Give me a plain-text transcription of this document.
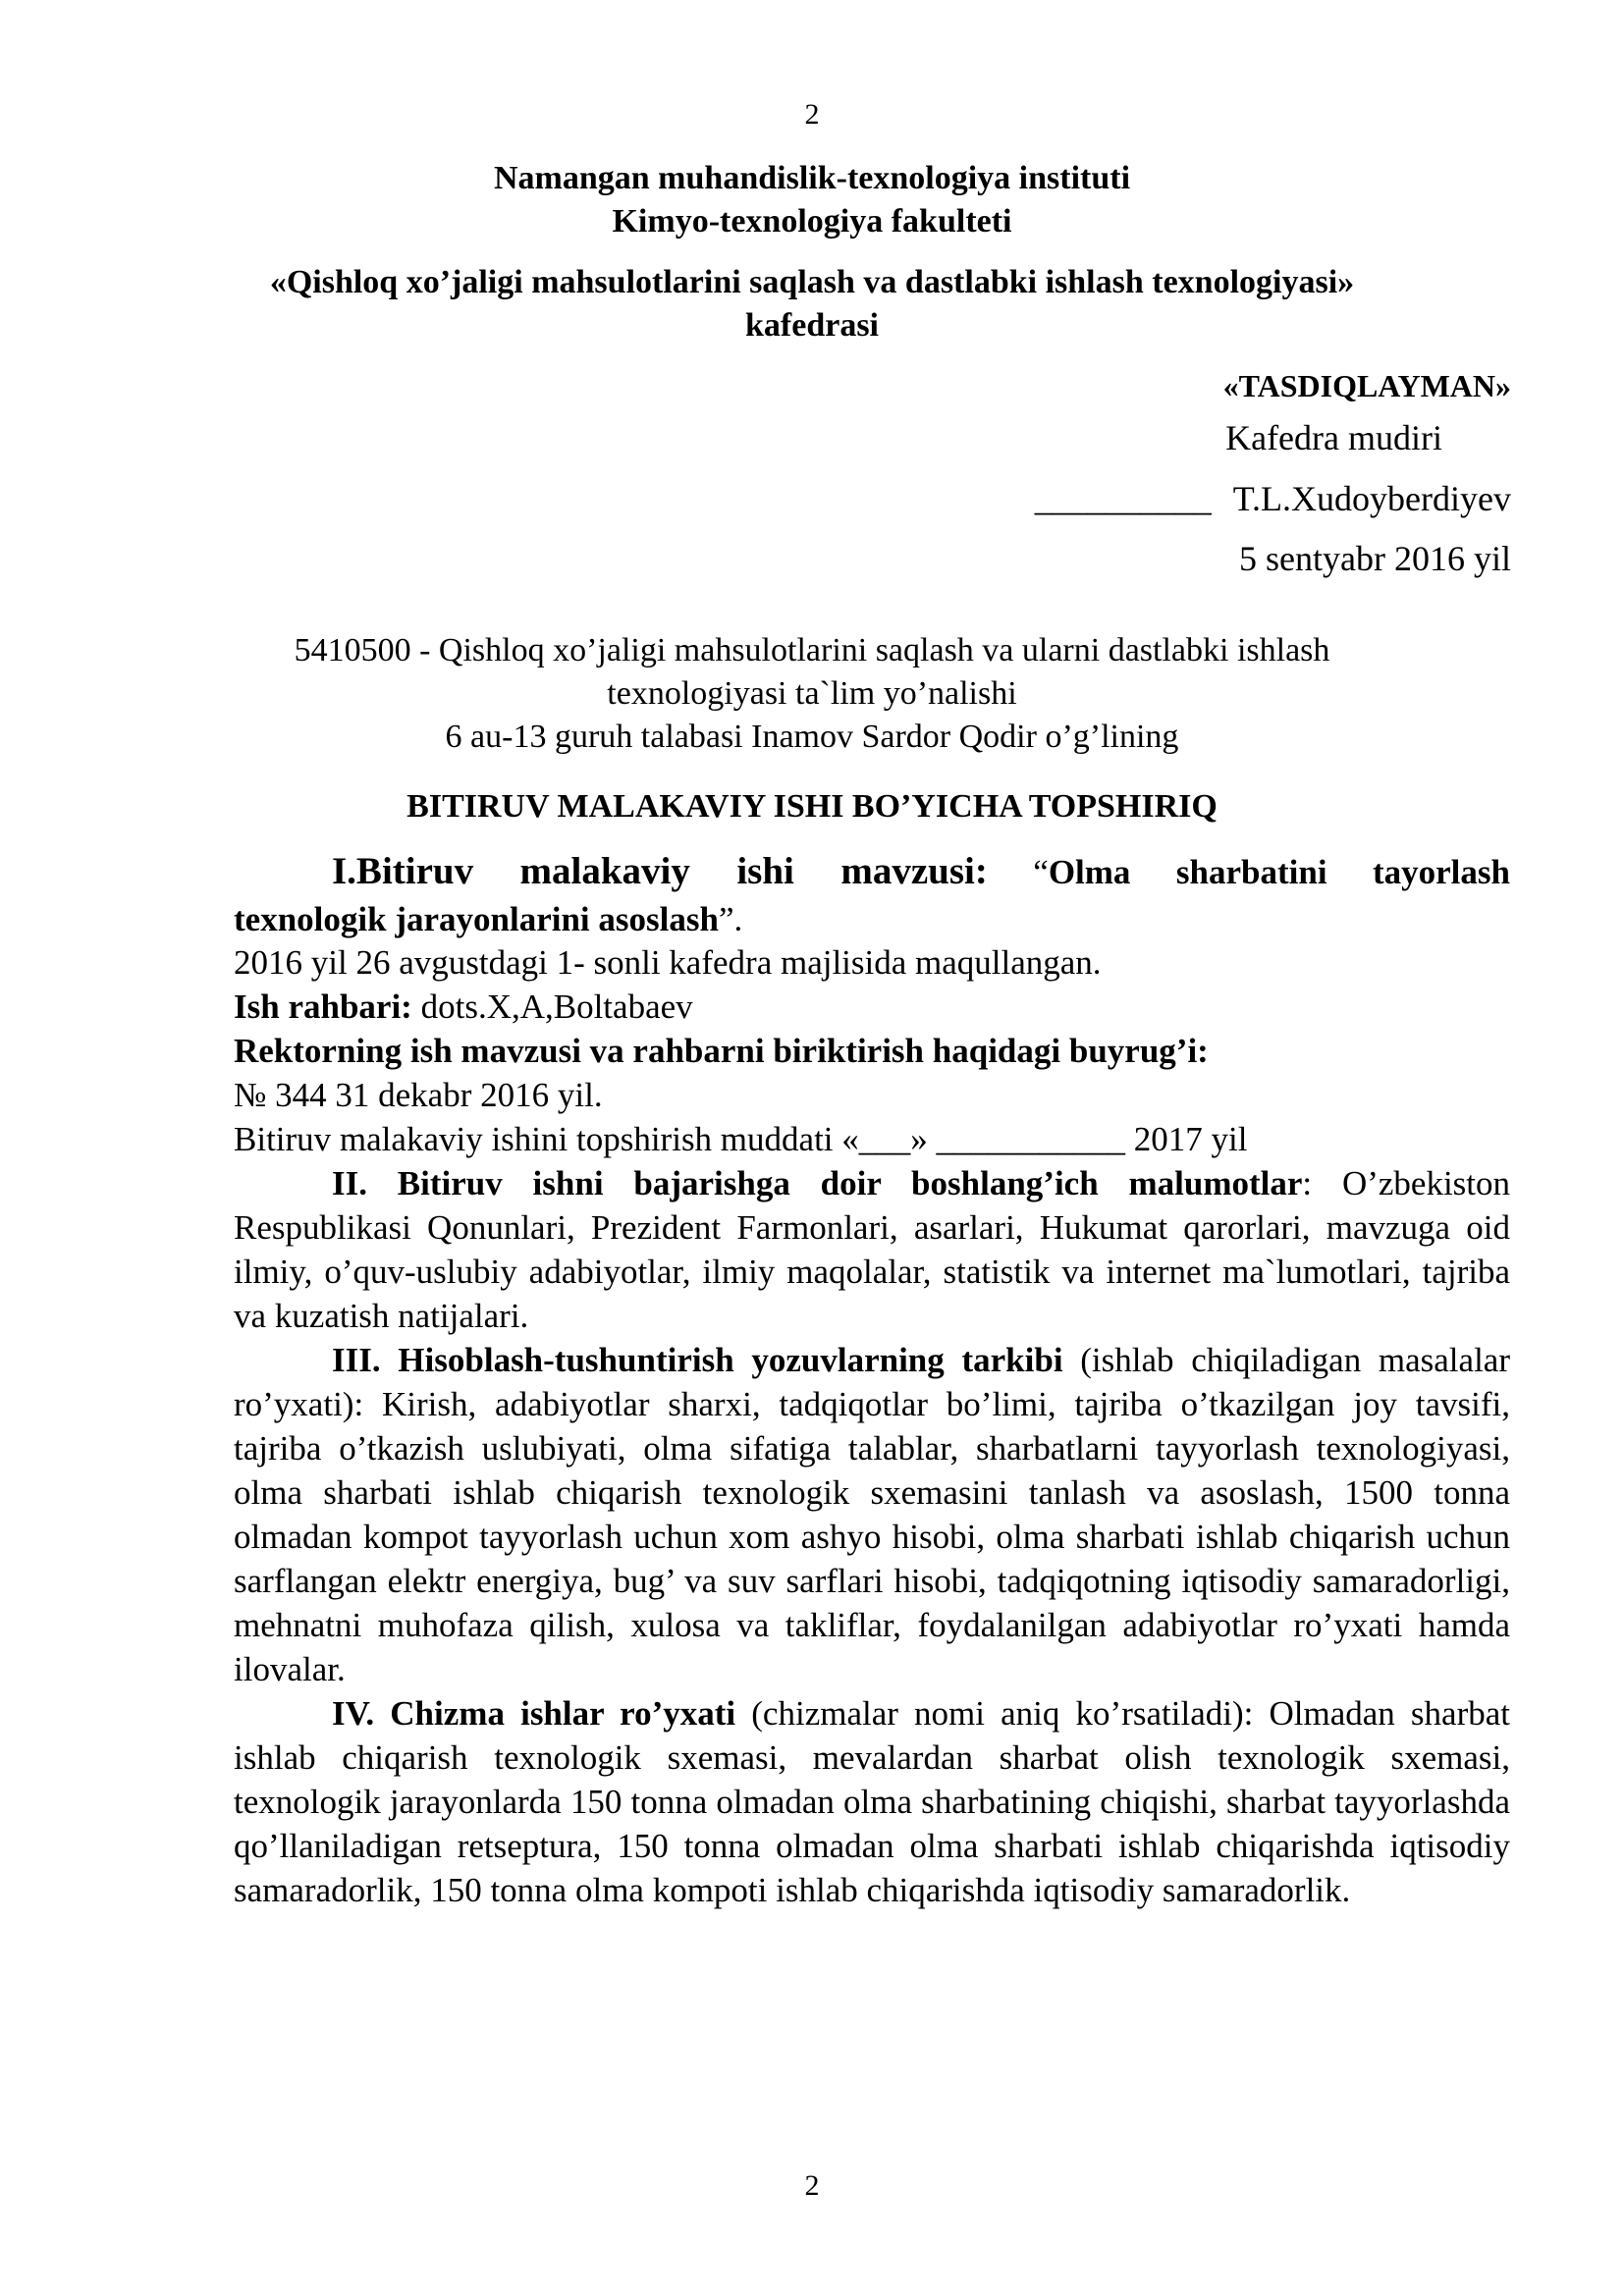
2
Namangan muhandislik-texnologiya instituti
Kimyo-texnologiya fakulteti
«Qishloq xo’jaligi mahsulotlarini saqlash va dastlabki ishlash texnologiyasi»
kafedrasi
«TASDIQLAYMAN»
Kafedra mudiri
__________ T.L.Xudoyberdiyev
5 sentyabr 2016 yil
5410500 - Qishloq xo’jaligi mahsulotlarini saqlash va ularni dastlabki ishlash
texnologiyasi ta`lim yo’nalishi
6 au-13 guruh talabasi Inamov Sardor Qodir o’g’lining
BITIRUV MALAKAVIY ISHI BO’YICHA TOPSHIRIQ
I.Bitiruv malakaviy ishi mavzusi: “Olma sharbatini tayorlash
texnologik jarayonlarini asoslash”.
2016 yil 26 avgustdagi 1- sonli kafedra majlisida maqullangan.
Ish rahbari: dots.X,A,Boltabaev
Rektorning ish mavzusi va rahbarni biriktirish haqidagi buyrug’i:
№ 344 31 dekabr 2016 yil.
Bitiruv malakaviy ishini topshirish muddati «___» ___________ 2017 yil
II. Bitiruv ishni bajarishga doir boshlang’ich malumotlar: O’zbekiston Respublikasi Qonunlari, Prezident Farmonlari, asarlari, Hukumat qarorlari, mavzuga oid ilmiy, o’quv-uslubiy adabiyotlar, ilmiy maqolalar, statistik va internet ma`lumotlari, tajriba va kuzatish natijalari.
III. Hisoblash-tushuntirish yozuvlarning tarkibi (ishlab chiqiladigan masalalar ro’yxati): Kirish, adabiyotlar sharxi, tadqiqotlar bo’limi, tajriba o’tkazilgan joy tavsifi, tajriba o’tkazish uslubiyati, olma sifatiga talablar, sharbatlarni tayyorlash texnologiyasi, olma sharbati ishlab chiqarish texnologik sxemasini tanlash va asoslash, 1500 tonna olmadan kompot tayyorlash uchun xom ashyo hisobi, olma sharbati ishlab chiqarish uchun sarflangan elektr energiya, bug’ va suv sarflari hisobi, tadqiqotning iqtisodiy samaradorligi, mehnatni muhofaza qilish, xulosa va takliflar, foydalanilgan adabiyotlar ro’yxati hamda ilovalar.
IV. Chizma ishlar ro’yxati (chizmalar nomi aniq ko’rsatiladi): Olmadan sharbat ishlab chiqarish texnologik sxemasi, mevalardan sharbat olish texnologik sxemasi, texnologik jarayonlarda 150 tonna olmadan olma sharbatining chiqishi, sharbat tayyorlashda qo’llaniladigan retseptura, 150 tonna olmadan olma sharbati ishlab chiqarishda iqtisodiy samaradorlik, 150 tonna olma kompoti ishlab chiqarishda iqtisodiy samaradorlik.
2
